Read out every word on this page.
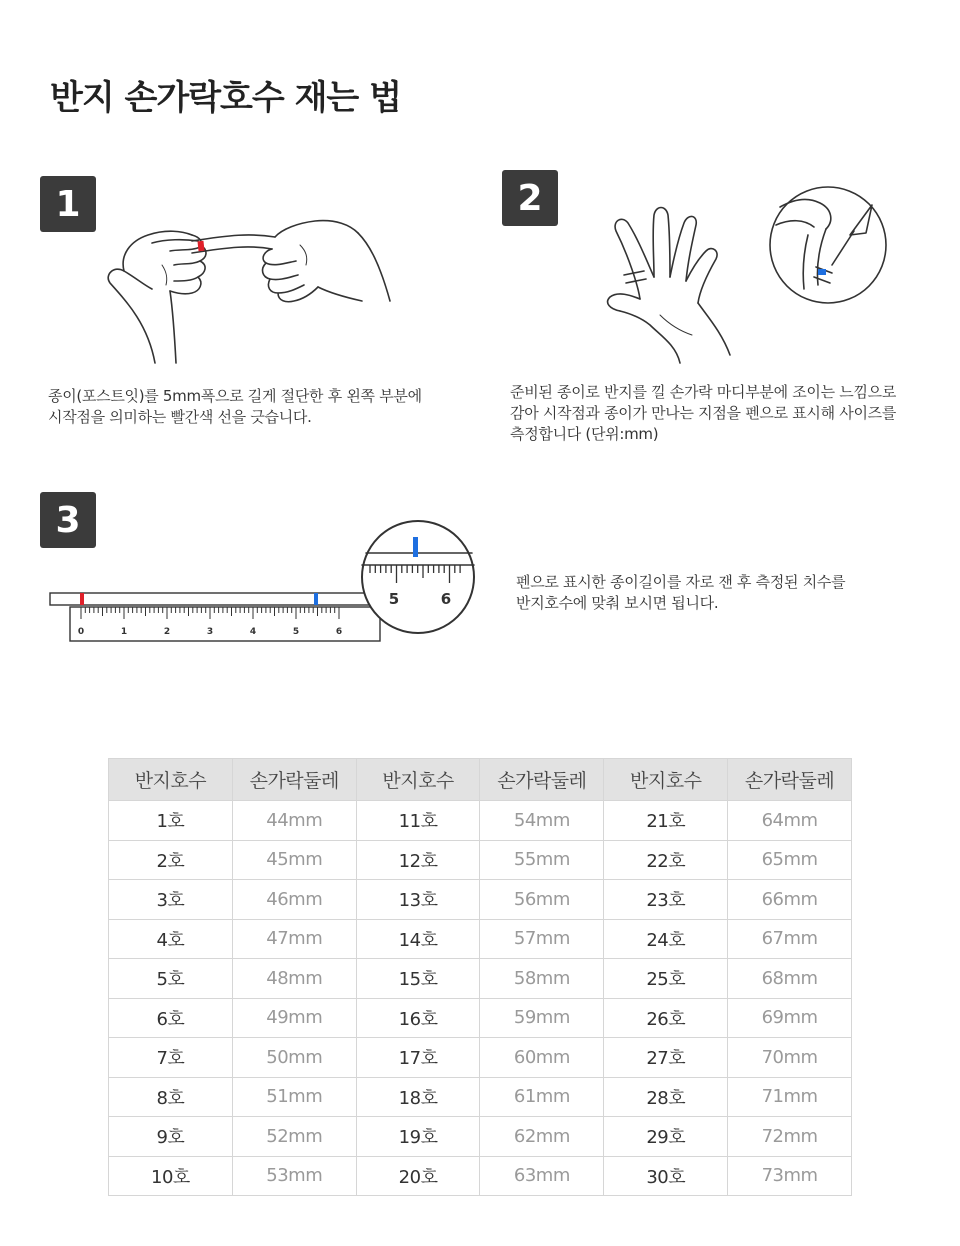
반지 손가락호수 재는 법
1

종이(포스트잇)를 5mm폭으로 길게 절단한 후 왼쪽 부분에
시작점을 의미하는 빨간색 선을 긋습니다.

2

준비된 종이로 반지를 낄 손가락 마디부분에 조이는 느낌으로
감아 시작점과 종이가 만나는 지점을 펜으로 표시해 사이즈를
측정합니다 (단위:mm)

3
0	1	2	3	4	5	6
5	6

펜으로 표시한 종이길이를 자로 잰 후 측정된 치수를
반지호수에 맞춰 보시면 됩니다.

반지호수	손가락둘레	반지호수	손가락둘레	반지호수	손가락둘레
1호	44mm	11호	54mm	21호	64mm
2호	45mm	12호	55mm	22호	65mm
3호	46mm	13호	56mm	23호	66mm
4호	47mm	14호	57mm	24호	67mm
5호	48mm	15호	58mm	25호	68mm
6호	49mm	16호	59mm	26호	69mm
7호	50mm	17호	60mm	27호	70mm
8호	51mm	18호	61mm	28호	71mm
9호	52mm	19호	62mm	29호	72mm
10호	53mm	20호	63mm	30호	73mm
